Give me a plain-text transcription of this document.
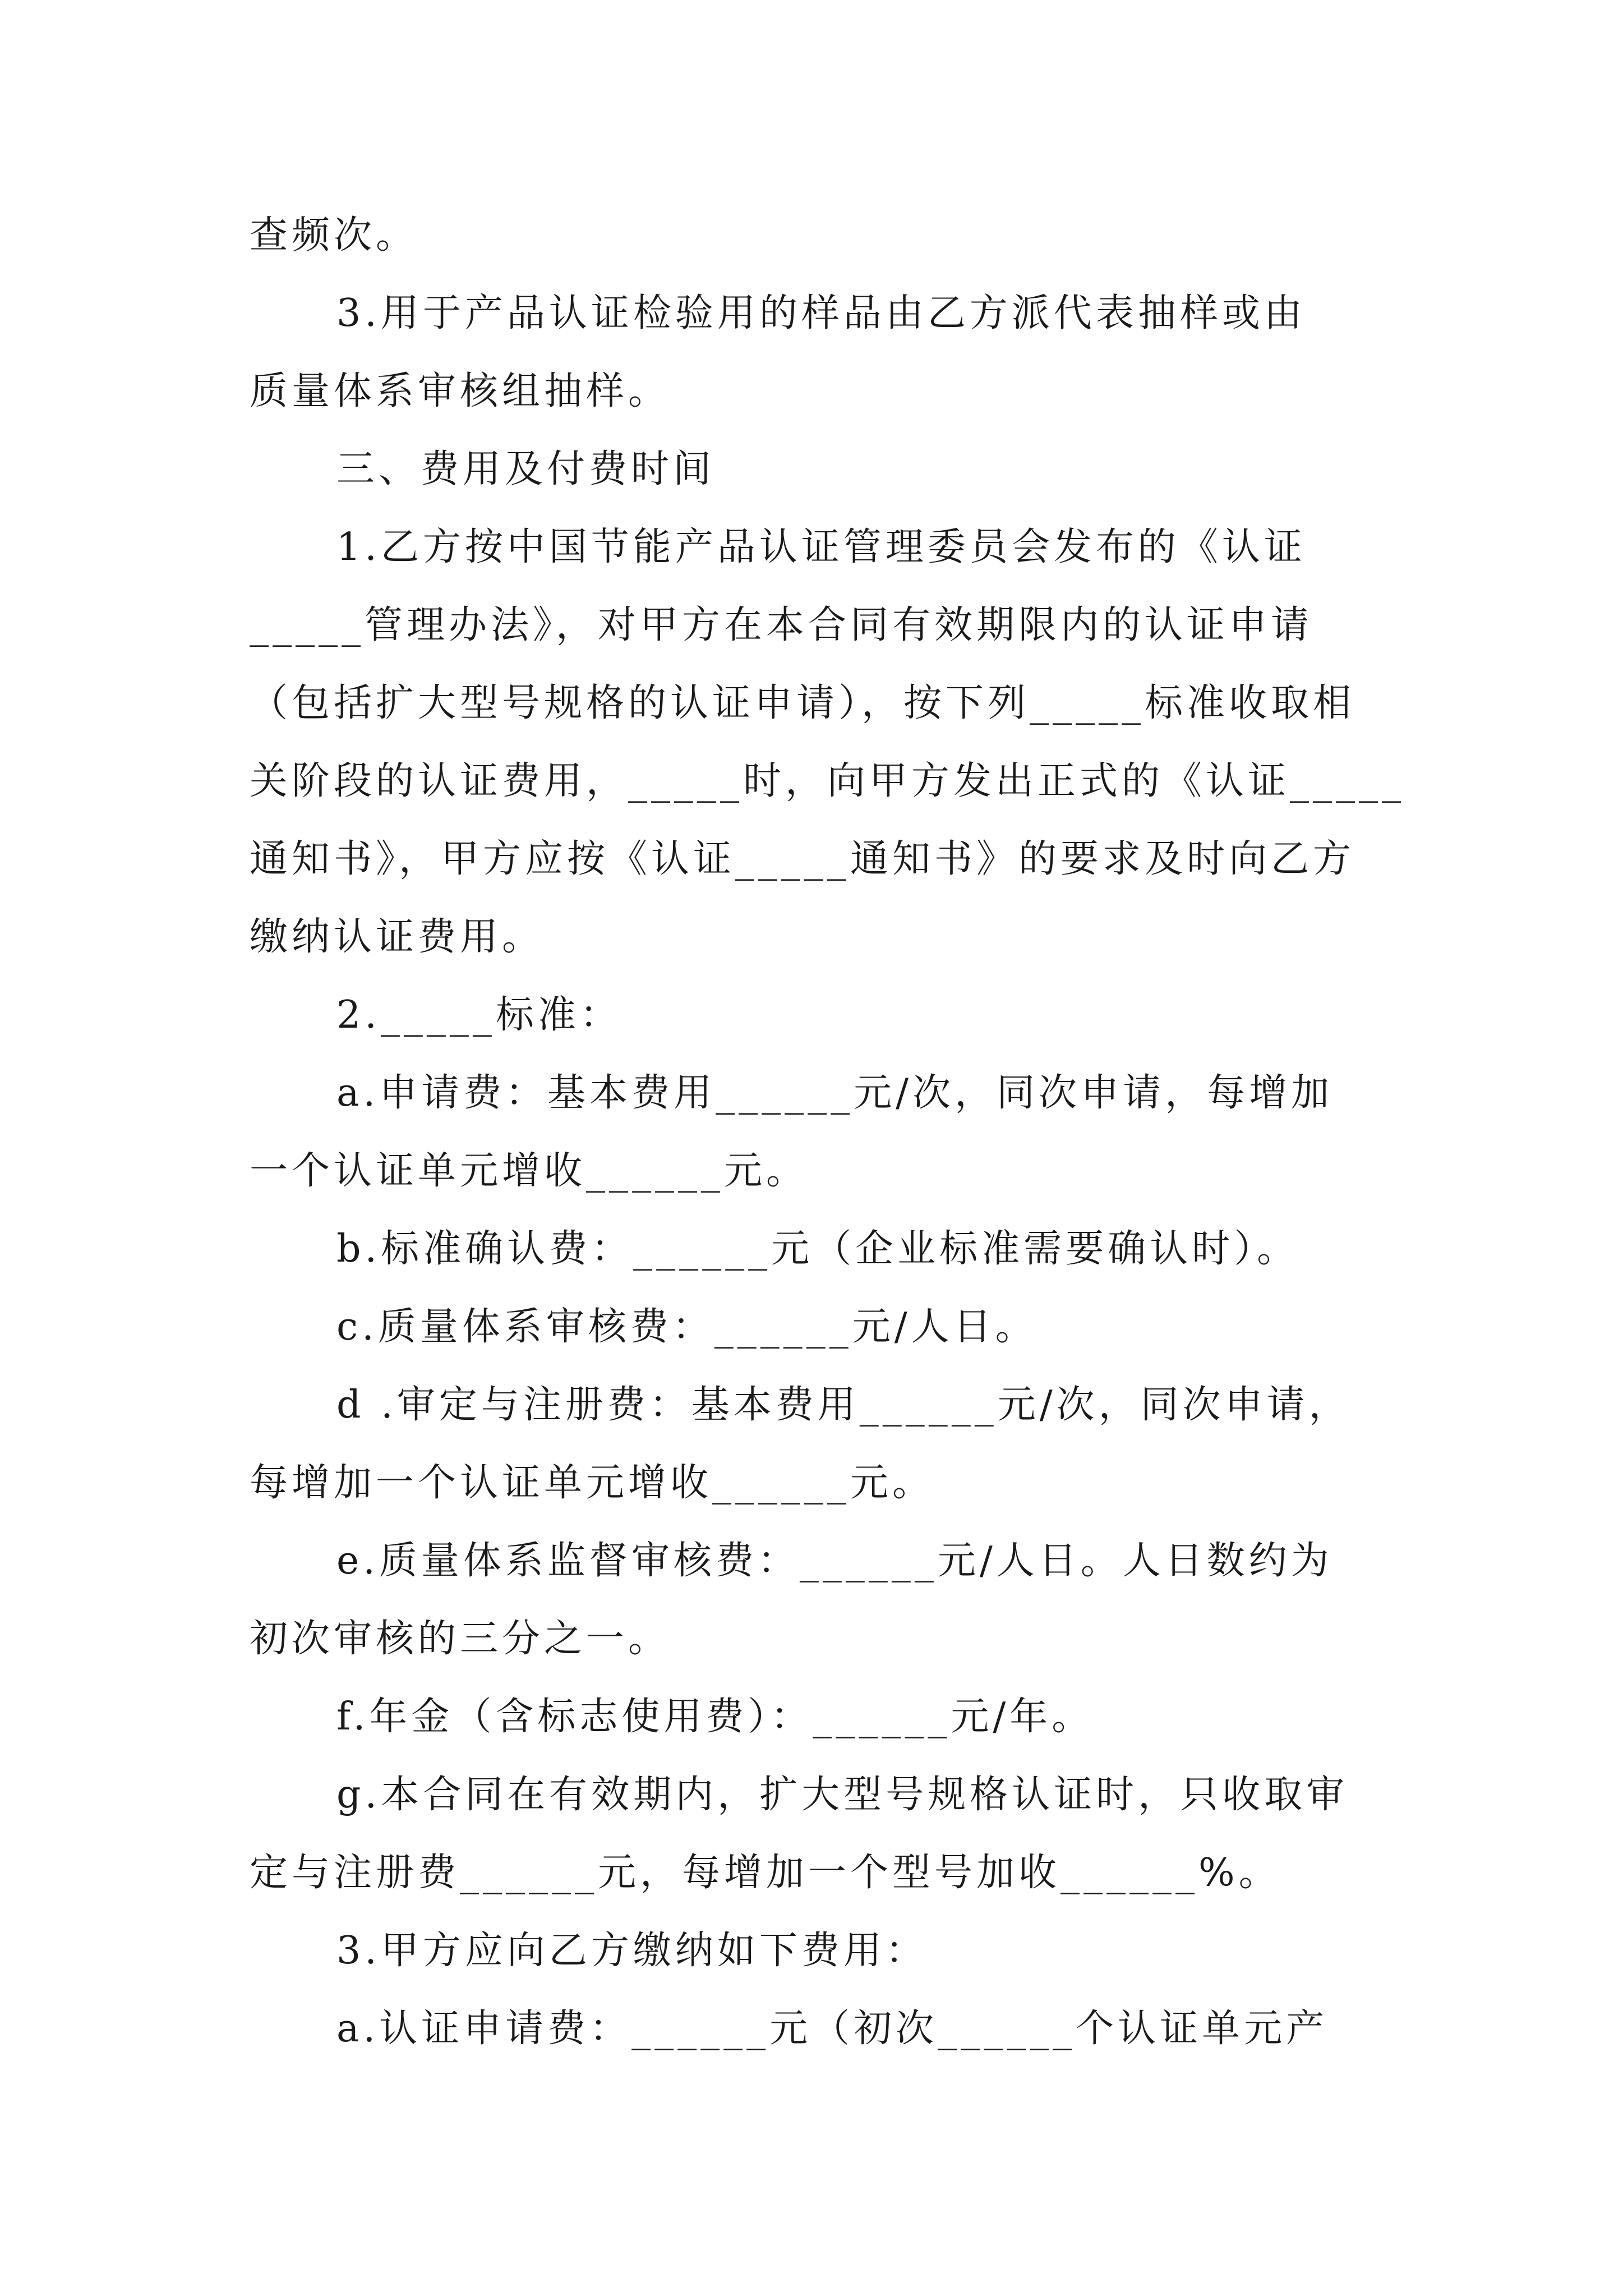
查频次。
3.用于产品认证检验用的样品由乙方派代表抽样或由
质量体系审核组抽样。
三、费用及付费时间
1.乙方按中国节能产品认证管理委员会发布的《认证
_____管理办法》，对甲方在本合同有效期限内的认证申请
（包括扩大型号规格的认证申请），按下列_____标准收取相
关阶段的认证费用，_____时，向甲方发出正式的《认证_____
通知书》，甲方应按《认证_____通知书》的要求及时向乙方
缴纳认证费用。
2._____标准：
a.申请费：基本费用______元/次，同次申请，每增加
一个认证单元增收______元。
b.标准确认费：______元（企业标准需要确认时）。
c.质量体系审核费：______元/人日。
d .审定与注册费：基本费用______元/次，同次申请，
每增加一个认证单元增收______元。
e.质量体系监督审核费：______元/人日。人日数约为
初次审核的三分之一。
f.年金（含标志使用费）：______元/年。
g.本合同在有效期内，扩大型号规格认证时，只收取审
定与注册费______元，每增加一个型号加收______%。
3.甲方应向乙方缴纳如下费用：
a.认证申请费：______元（初次______个认证单元产
